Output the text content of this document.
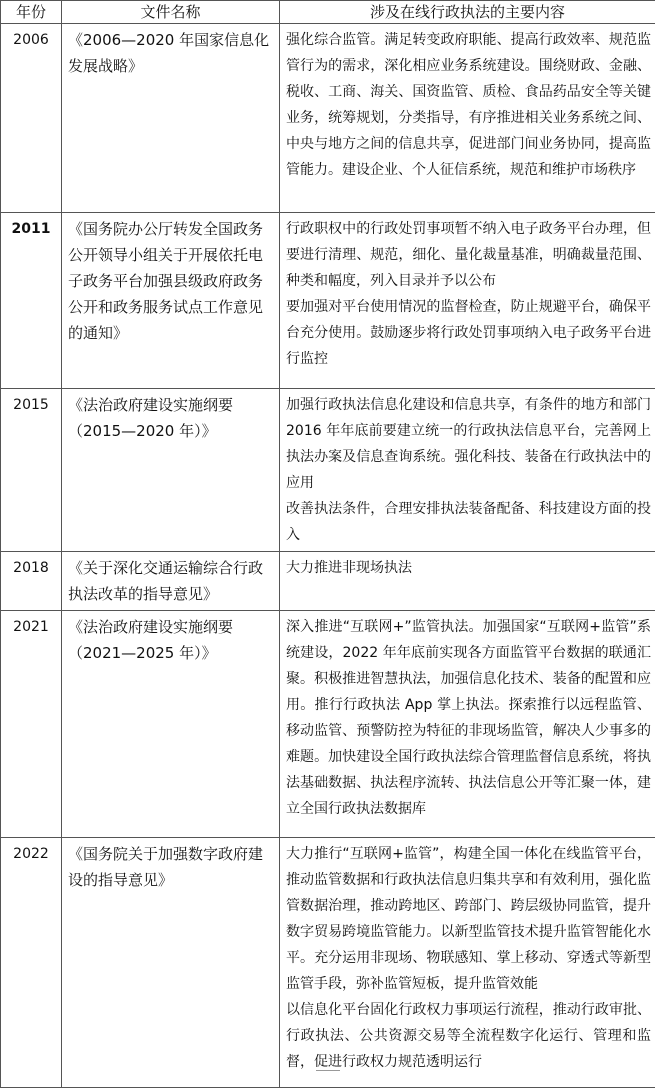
年份	文件名称	涉及在线行政执法的主要内容
2006	《2006—2020 年国家信息化发展战略》	强化综合监管。满足转变政府职能、提高行政效率、规范监管行为的需求，深化相应业务系统建设。围绕财政、金融、税收、工商、海关、国资监管、质检、食品药品安全等关键业务，统筹规划，分类指导，有序推进相关业务系统之间、中央与地方之间的信息共享，促进部门间业务协同，提高监管能力。建设企业、个人征信系统，规范和维护市场秩序

2011	《国务院办公厅转发全国政务公开领导小组关于开展依托电子政务平台加强县级政府政务公开和政务服务试点工作意见的通知》	行政职权中的行政处罚事项暂不纳入电子政务平台办理，但要进行清理、规范，细化、量化裁量基准，明确裁量范围、种类和幅度，列入目录并予以公布
要加强对平台使用情况的监督检查，防止规避平台，确保平台充分使用。鼓励逐步将行政处罚事项纳入电子政务平台进行监控

2015	《法治政府建设实施纲要（2015—2020 年）》	加强行政执法信息化建设和信息共享，有条件的地方和部门 2016 年年底前要建立统一的行政执法信息平台，完善网上执法办案及信息查询系统。强化科技、装备在行政执法中的应用
改善执法条件，合理安排执法装备配备、科技建设方面的投入

2018	《关于深化交通运输综合行政执法改革的指导意见》	大力推进非现场执法

2021	《法治政府建设实施纲要（2021—2025 年）》	深入推进“互联网+”监管执法。加强国家“互联网+监管”系统建设，2022 年年底前实现各方面监管平台数据的联通汇聚。积极推进智慧执法，加强信息化技术、装备的配置和应用。推行行政执法 App 掌上执法。探索推行以远程监管、移动监管、预警防控为特征的非现场监管，解决人少事多的难题。加快建设全国行政执法综合管理监督信息系统，将执法基础数据、执法程序流转、执法信息公开等汇聚一体，建立全国行政执法数据库

2022	《国务院关于加强数字政府建设的指导意见》	大力推行“互联网+监管”，构建全国一体化在线监管平台，推动监管数据和行政执法信息归集共享和有效利用，强化监管数据治理，推动跨地区、跨部门、跨层级协同监管，提升数字贸易跨境监管能力。以新型监管技术提升监管智能化水平。充分运用非现场、物联感知、掌上移动、穿透式等新型监管手段，弥补监管短板，提升监管效能
以信息化平台固化行政权力事项运行流程，推动行政审批、行政执法、公共资源交易等全流程数字化运行、管理和监督，促进行政权力规范透明运行
